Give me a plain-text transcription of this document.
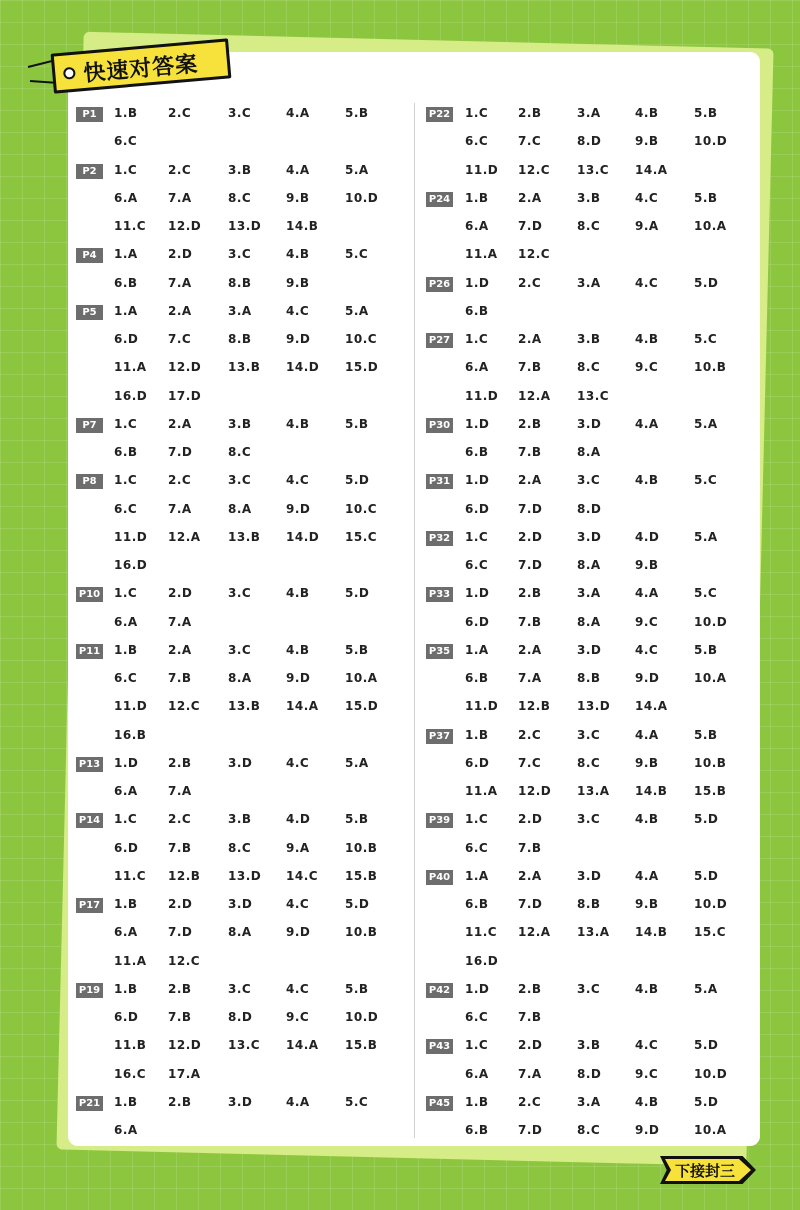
快速对答案
P1	1.B	2.C	3.C	4.A	5.B
6.C
P2	1.C	2.C	3.B	4.A	5.A
6.A	7.A	8.C	9.B	10.D
11.C 12.D 13.D 14.B
P4	1.A	2.D	3.C	4.B	5.C
6.B	7.A	8.B	9.B
P5	1.A	2.A	3.A	4.C	5.A
6.D 7.C	8.B	9.D	10.C
11.A 12.D 13.B 14.D 15.D
16.D 17.D
P7	1.C	2.A	3.B	4.B	5.B
6.B	7.D	8.C
P8	1.C	2.C	3.C	4.C	5.D
6.C	7.A	8.A	9.D	10.C
11.D 12.A 13.B 14.D 15.C
16.D
P10 1.C	2.D	3.C	4.B	5.D
6.A	7.A
P11 1.B	2.A	3.C	4.B	5.B
6.C	7.B	8.A	9.D	10.A
11.D 12.C 13.B 14.A 15.D
16.B
P13 1.D 2.B	3.D	4.C	5.A
6.A	7.A
P14 1.C	2.C	3.B	4.D	5.B
6.D 7.B	8.C	9.A	10.B
11.C 12.B 13.D 14.C 15.B
P17 1.B	2.D	3.D	4.C	5.D
6.A	7.D	8.A	9.D	10.B
11.A 12.C
P19 1.B	2.B	3.C	4.C	5.B
6.D 7.B	8.D	9.C	10.D
11.B 12.D 13.C 14.A 15.B
16.C 17.A
P21 1.B	2.B	3.D	4.A	5.C
6.A
P22 1.C 2.B	3.A	4.B	5.B
6.C 7.C	8.D	9.B	10.D
11.D 12.C 13.C 14.A
P24 1.B 2.A	3.B	4.C	5.B
6.A 7.D	8.C	9.A	10.A
11.A 12.C
P26 1.D 2.C	3.A	4.C	5.D
6.B
P27 1.C 2.A	3.B	4.B	5.C
6.A 7.B	8.C	9.C	10.B
11.D 12.A 13.C
P30 1.D 2.B	3.D	4.A	5.A
6.B 7.B	8.A
P31 1.D 2.A	3.C	4.B	5.C
6.D 7.D	8.D
P32 1.C 2.D	3.D	4.D	5.A
6.C 7.D	8.A	9.B
P33 1.D 2.B	3.A	4.A	5.C
6.D 7.B	8.A	9.C	10.D
P35 1.A 2.A	3.D	4.C	5.B
6.B 7.A	8.B	9.D	10.A
11.D 12.B 13.D 14.A
P37 1.B 2.C	3.C	4.A	5.B
6.D 7.C	8.C	9.B	10.B
11.A 12.D 13.A 14.B 15.B
P39 1.C 2.D	3.C	4.B	5.D
6.C 7.B
P40 1.A 2.A	3.D	4.A	5.D
6.B 7.D	8.B	9.B	10.D
11.C 12.A 13.A 14.B 15.C
16.D
P42 1.D 2.B	3.C	4.B	5.A
6.C 7.B
P43 1.C 2.D	3.B	4.C	5.D
6.A 7.A	8.D	9.C	10.D
P45 1.B 2.C	3.A	4.B	5.D
6.B 7.D	8.C	9.D	10.A
下接封三
